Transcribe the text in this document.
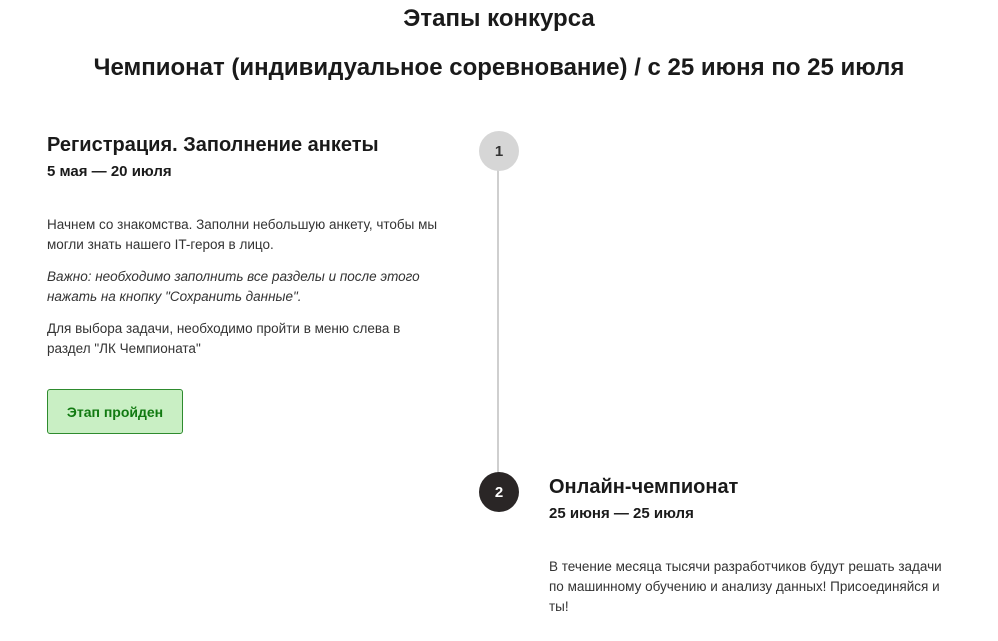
Этапы конкурса
Чемпионат (индивидуальное соревнование) / с 25 июня по 25 июля
1
2
Регистрация. Заполнение анкеты

5 мая — 20 июля

Начнем со знакомства. Заполни небольшую анкету, чтобы мы могли знать нашего IT-героя в лицо.

Важно: необходимо заполнить все разделы и после этого нажать на кнопку "Сохранить данные".

Для выбора задачи, необходимо пройти в меню слева в раздел "ЛК Чемпионата"

Этап пройден
Онлайн-чемпионат

25 июня — 25 июля

В течение месяца тысячи разработчиков будут решать задачи по машинному обучению и анализу данных! Присоединяйся и ты!
